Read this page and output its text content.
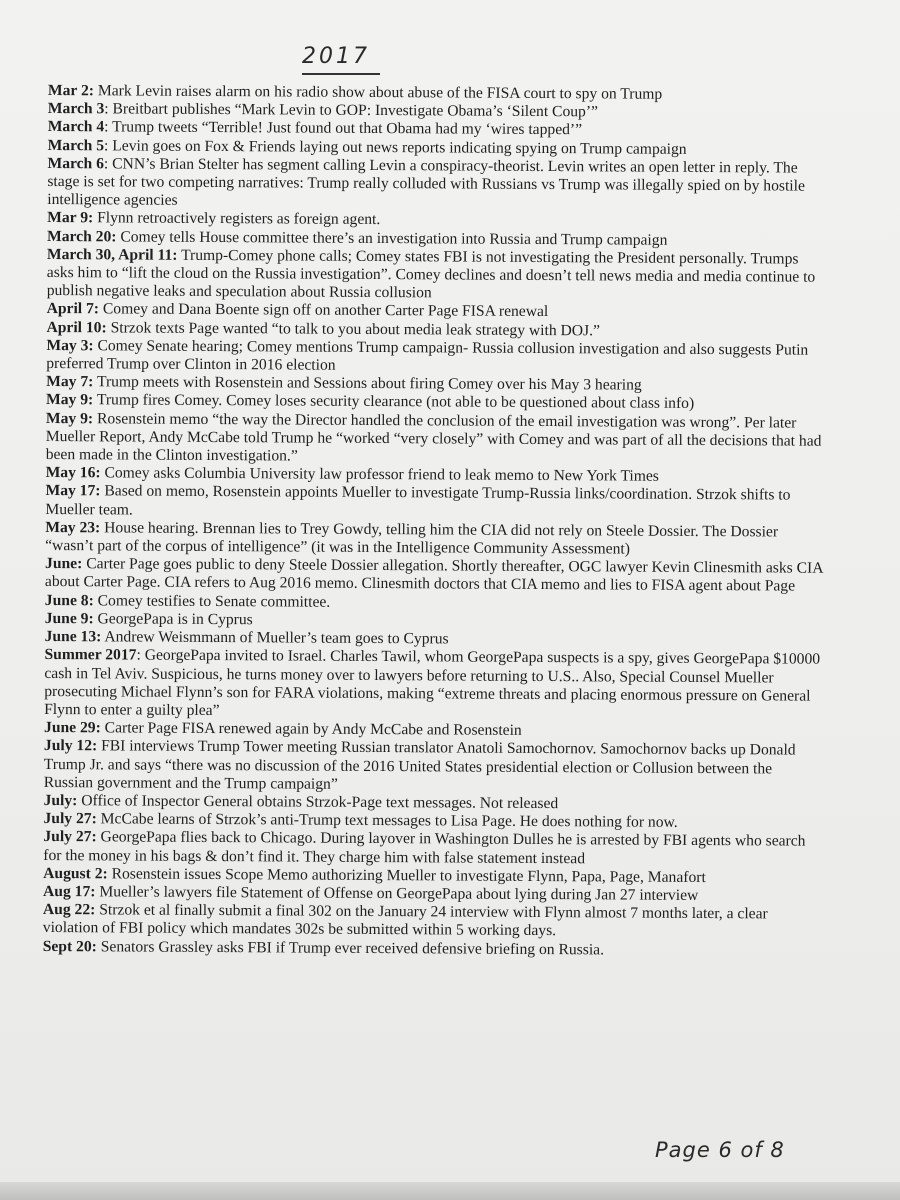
2017

Mar 2: Mark Levin raises alarm on his radio show about abuse of the FISA court to spy on Trump

March 3: Breitbart publishes “Mark Levin to GOP: Investigate Obama’s ‘Silent Coup’”

March 4: Trump tweets “Terrible! Just found out that Obama had my ‘wires tapped’”

March 5: Levin goes on Fox & Friends laying out news reports indicating spying on Trump campaign

March 6: CNN’s Brian Stelter has segment calling Levin a conspiracy-theorist. Levin writes an open letter in reply. The stage is set for two competing narratives: Trump really colluded with Russians vs Trump was illegally spied on by hostile intelligence agencies

Mar 9: Flynn retroactively registers as foreign agent.

March 20: Comey tells House committee there’s an investigation into Russia and Trump campaign

March 30, April 11: Trump-Comey phone calls; Comey states FBI is not investigating the President personally. Trumps asks him to “lift the cloud on the Russia investigation”. Comey declines and doesn’t tell news media and media continue to publish negative leaks and speculation about Russia collusion

April 7: Comey and Dana Boente sign off on another Carter Page FISA renewal

April 10: Strzok texts Page wanted “to talk to you about media leak strategy with DOJ.”

May 3: Comey Senate hearing; Comey mentions Trump campaign- Russia collusion investigation and also suggests Putin preferred Trump over Clinton in 2016 election

May 7: Trump meets with Rosenstein and Sessions about firing Comey over his May 3 hearing

May 9: Trump fires Comey. Comey loses security clearance (not able to be questioned about class info)

May 9: Rosenstein memo “the way the Director handled the conclusion of the email investigation was wrong”. Per later Mueller Report, Andy McCabe told Trump he “worked “very closely” with Comey and was part of all the decisions that had been made in the Clinton investigation.”

May 16: Comey asks Columbia University law professor friend to leak memo to New York Times

May 17: Based on memo, Rosenstein appoints Mueller to investigate Trump-Russia links/coordination. Strzok shifts to Mueller team.

May 23: House hearing. Brennan lies to Trey Gowdy, telling him the CIA did not rely on Steele Dossier. The Dossier “wasn’t part of the corpus of intelligence” (it was in the Intelligence Community Assessment)

June: Carter Page goes public to deny Steele Dossier allegation. Shortly thereafter, OGC lawyer Kevin Clinesmith asks CIA about Carter Page. CIA refers to Aug 2016 memo. Clinesmith doctors that CIA memo and lies to FISA agent about Page

June 8: Comey testifies to Senate committee.

June 9: GeorgePapa is in Cyprus

June 13: Andrew Weismmann of Mueller’s team goes to Cyprus

Summer 2017: GeorgePapa invited to Israel. Charles Tawil, whom GeorgePapa suspects is a spy, gives GeorgePapa $10000 cash in Tel Aviv. Suspicious, he turns money over to lawyers before returning to U.S.. Also, Special Counsel Mueller prosecuting Michael Flynn’s son for FARA violations, making “extreme threats and placing enormous pressure on General Flynn to enter a guilty plea”

June 29: Carter Page FISA renewed again by Andy McCabe and Rosenstein

July 12: FBI interviews Trump Tower meeting Russian translator Anatoli Samochornov. Samochornov backs up Donald Trump Jr. and says “there was no discussion of the 2016 United States presidential election or Collusion between the Russian government and the Trump campaign”

July: Office of Inspector General obtains Strzok-Page text messages. Not released

July 27: McCabe learns of Strzok’s anti-Trump text messages to Lisa Page. He does nothing for now.

July 27: GeorgePapa flies back to Chicago. During layover in Washington Dulles he is arrested by FBI agents who search for the money in his bags & don’t find it. They charge him with false statement instead

August 2: Rosenstein issues Scope Memo authorizing Mueller to investigate Flynn, Papa, Page, Manafort

Aug 17: Mueller’s lawyers file Statement of Offense on GeorgePapa about lying during Jan 27 interview

Aug 22: Strzok et al finally submit a final 302 on the January 24 interview with Flynn almost 7 months later, a clear violation of FBI policy which mandates 302s be submitted within 5 working days.

Sept 20: Senators Grassley asks FBI if Trump ever received defensive briefing on Russia.

Page 6 of 8
